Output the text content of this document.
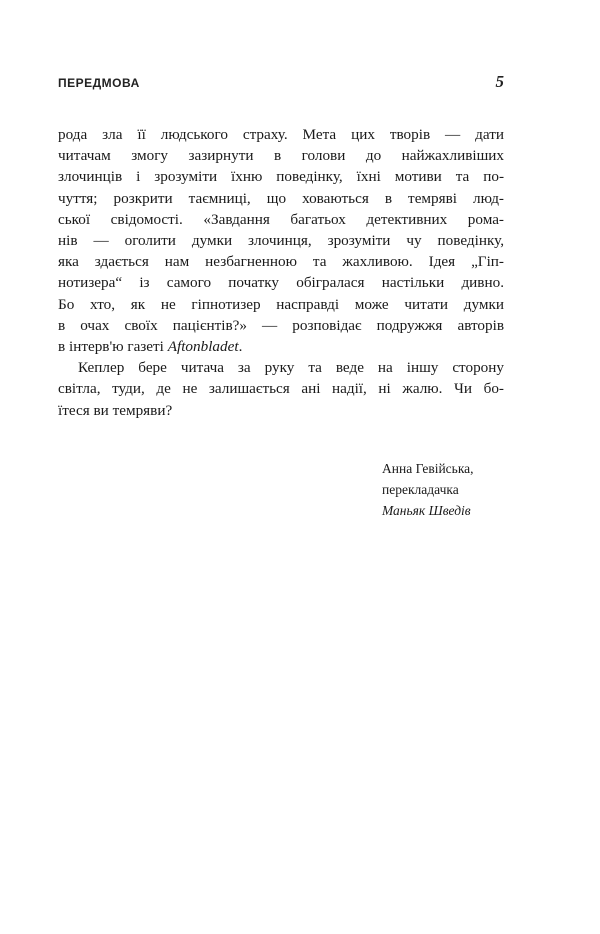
ПЕРЕДМОВА	5

рода зла її людського страху. Мета цих творів — дати
читачам змогу зазирнути в голови до найжахливіших
злочинців і зрозуміти їхню поведінку, їхні мотиви та по-
чуття; розкрити таємниці, що ховаються в темряві люд-
ської свідомості. «Завдання багатьох детективних рома-
нів — оголити думки злочинця, зрозуміти чу поведінку,
яка здається нам незбагненною та жахливою. Ідея „Гіп-
нотизера“ із самого початку обігралася настільки дивно.
Бо хто, як не гіпнотизер насправді може читати думки
в очах своїх пацієнтів?» — розповідає подружжя авторів
в інтерв'ю газеті Aftonbladet.

Кеплер бере читача за руку та веде на іншу сторону
світла, туди, де не залишається ані надії, ні жалю. Чи бо-
їтеся ви темряви?

Анна Гевійська,
перекладачка
Маньяк Шведів
